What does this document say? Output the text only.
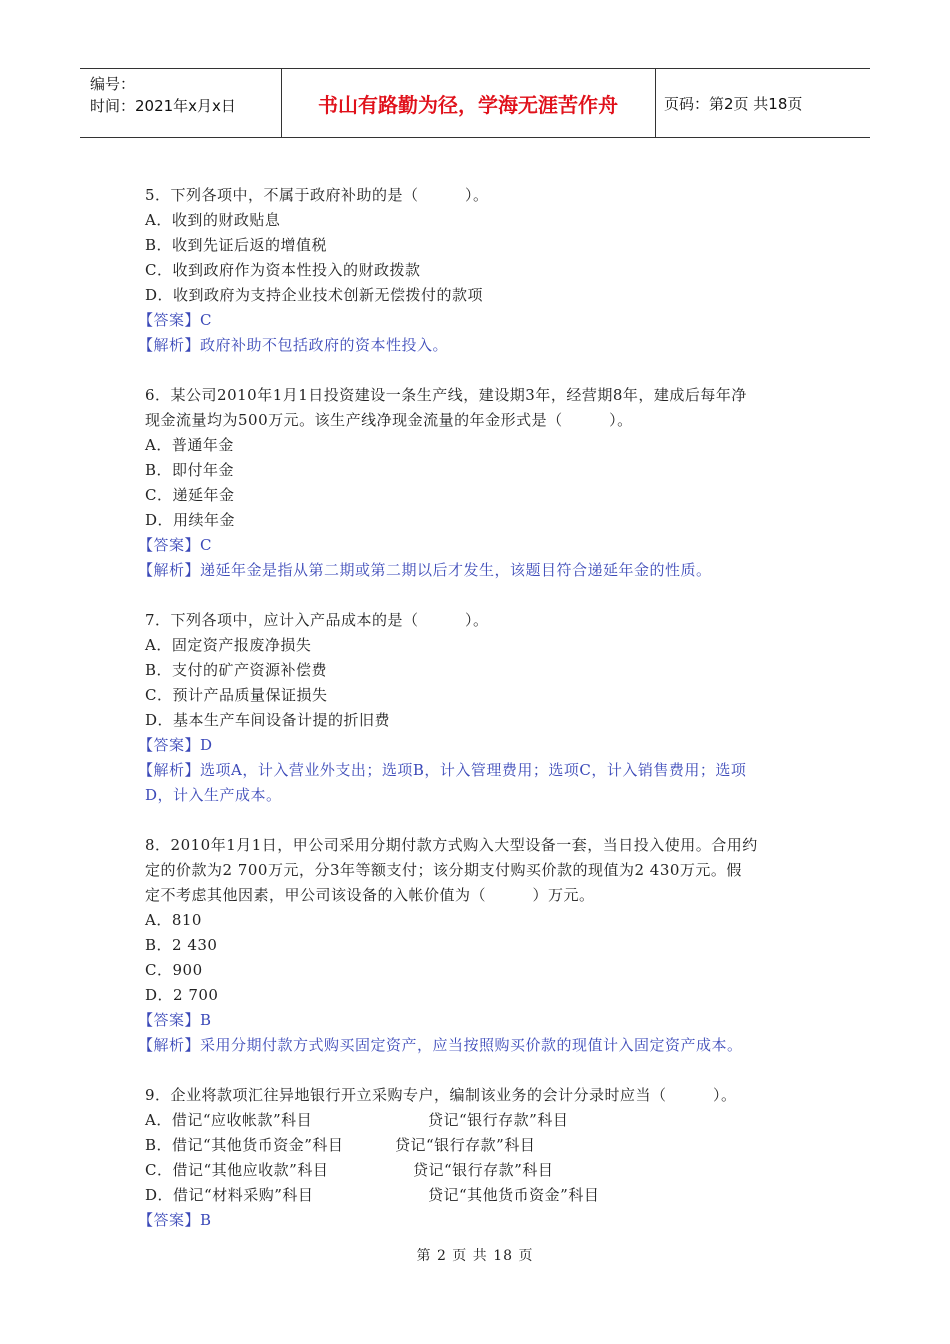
编号：
时间：2021年x月x日	书山有路勤为径，学海无涯苦作舟	页码：第2页 共18页
5．下列各项中，不属于政府补助的是（　　　）。
A．收到的财政贴息
B．收到先证后返的增值税
C．收到政府作为资本性投入的财政拨款
D．收到政府为支持企业技术创新无偿拨付的款项
【答案】C
【解析】政府补助不包括政府的资本性投入。
6．某公司2010年1月1日投资建设一条生产线，建设期3年，经营期8年，建成后每年净
现金流量均为500万元。该生产线净现金流量的年金形式是（　　　）。
A．普通年金
B．即付年金
C．递延年金
D．用续年金
【答案】C
【解析】递延年金是指从第二期或第二期以后才发生，该题目符合递延年金的性质。
7．下列各项中，应计入产品成本的是（　　　）。
A．固定资产报废净损失
B．支付的矿产资源补偿费
C．预计产品质量保证损失
D．基本生产车间设备计提的折旧费
【答案】D
【解析】选项A，计入营业外支出；选项B，计入管理费用；选项C，计入销售费用；选项
D，计入生产成本。
8．2010年1月1日，甲公司采用分期付款方式购入大型设备一套，当日投入使用。合用约
定的价款为2 700万元，分3年等额支付；该分期支付购买价款的现值为2 430万元。假
定不考虑其他因素，甲公司该设备的入帐价值为（　　　）万元。
A．810
B．2 430
C．900
D．2 700
【答案】B
【解析】采用分期付款方式购买固定资产，应当按照购买价款的现值计入固定资产成本。
9．企业将款项汇往异地银行开立采购专户，编制该业务的会计分录时应当（　　　）。
A．借记“应收帐款”科目	贷记“银行存款”科目
B．借记“其他货币资金”科目	贷记“银行存款”科目
C．借记“其他应收款”科目	贷记“银行存款”科目
D．借记“材料采购”科目	贷记“其他货币资金”科目
【答案】B
第 2 页 共 18 页
